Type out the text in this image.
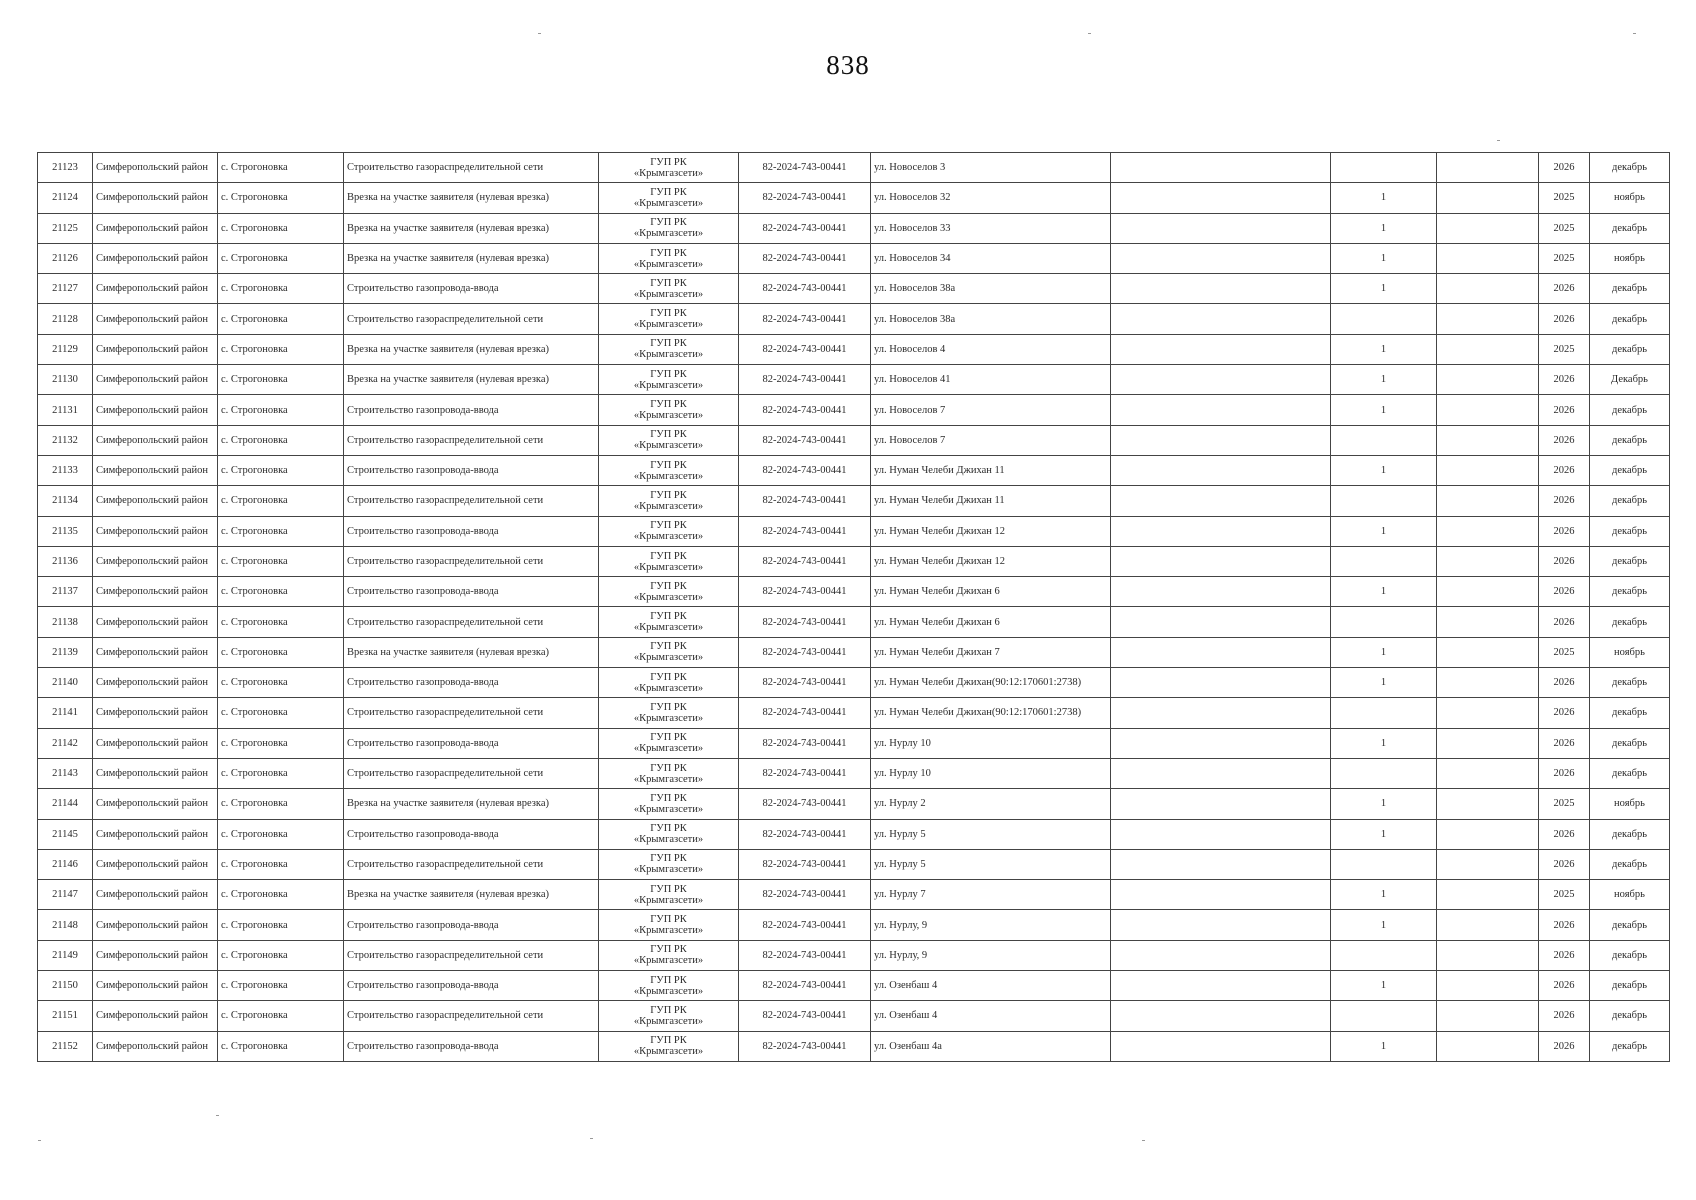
838
21123	Симферопольский район	с. Строгоновка	Строительство газораспределительной сети	ГУП РК
«Крымгазсети»	82-2024-743-00441	ул. Новоселов 3				2026	декабрь
21124	Симферопольский район	с. Строгоновка	Врезка на участке заявителя (нулевая врезка)	ГУП РК
«Крымгазсети»	82-2024-743-00441	ул. Новоселов 32		1		2025	ноябрь
21125	Симферопольский район	с. Строгоновка	Врезка на участке заявителя (нулевая врезка)	ГУП РК
«Крымгазсети»	82-2024-743-00441	ул. Новоселов 33		1		2025	декабрь
21126	Симферопольский район	с. Строгоновка	Врезка на участке заявителя (нулевая врезка)	ГУП РК
«Крымгазсети»	82-2024-743-00441	ул. Новоселов 34		1		2025	ноябрь
21127	Симферопольский район	с. Строгоновка	Строительство газопровода-ввода	ГУП РК
«Крымгазсети»	82-2024-743-00441	ул. Новоселов 38а		1		2026	декабрь
21128	Симферопольский район	с. Строгоновка	Строительство газораспределительной сети	ГУП РК
«Крымгазсети»	82-2024-743-00441	ул. Новоселов 38а				2026	декабрь
21129	Симферопольский район	с. Строгоновка	Врезка на участке заявителя (нулевая врезка)	ГУП РК
«Крымгазсети»	82-2024-743-00441	ул. Новоселов 4		1		2025	декабрь
21130	Симферопольский район	с. Строгоновка	Врезка на участке заявителя (нулевая врезка)	ГУП РК
«Крымгазсети»	82-2024-743-00441	ул. Новоселов 41		1		2026	Декабрь
21131	Симферопольский район	с. Строгоновка	Строительство газопровода-ввода	ГУП РК
«Крымгазсети»	82-2024-743-00441	ул. Новоселов 7		1		2026	декабрь
21132	Симферопольский район	с. Строгоновка	Строительство газораспределительной сети	ГУП РК
«Крымгазсети»	82-2024-743-00441	ул. Новоселов 7				2026	декабрь
21133	Симферопольский район	с. Строгоновка	Строительство газопровода-ввода	ГУП РК
«Крымгазсети»	82-2024-743-00441	ул. Нуман Челеби Джихан 11		1		2026	декабрь
21134	Симферопольский район	с. Строгоновка	Строительство газораспределительной сети	ГУП РК
«Крымгазсети»	82-2024-743-00441	ул. Нуман Челеби Джихан 11				2026	декабрь
21135	Симферопольский район	с. Строгоновка	Строительство газопровода-ввода	ГУП РК
«Крымгазсети»	82-2024-743-00441	ул. Нуман Челеби Джихан 12		1		2026	декабрь
21136	Симферопольский район	с. Строгоновка	Строительство газораспределительной сети	ГУП РК
«Крымгазсети»	82-2024-743-00441	ул. Нуман Челеби Джихан 12				2026	декабрь
21137	Симферопольский район	с. Строгоновка	Строительство газопровода-ввода	ГУП РК
«Крымгазсети»	82-2024-743-00441	ул. Нуман Челеби Джихан 6		1		2026	декабрь
21138	Симферопольский район	с. Строгоновка	Строительство газораспределительной сети	ГУП РК
«Крымгазсети»	82-2024-743-00441	ул. Нуман Челеби Джихан 6				2026	декабрь
21139	Симферопольский район	с. Строгоновка	Врезка на участке заявителя (нулевая врезка)	ГУП РК
«Крымгазсети»	82-2024-743-00441	ул. Нуман Челеби Джихан 7		1		2025	ноябрь
21140	Симферопольский район	с. Строгоновка	Строительство газопровода-ввода	ГУП РК
«Крымгазсети»	82-2024-743-00441	ул. Нуман Челеби Джихан(90:12:170601:2738)		1		2026	декабрь
21141	Симферопольский район	с. Строгоновка	Строительство газораспределительной сети	ГУП РК
«Крымгазсети»	82-2024-743-00441	ул. Нуман Челеби Джихан(90:12:170601:2738)				2026	декабрь
21142	Симферопольский район	с. Строгоновка	Строительство газопровода-ввода	ГУП РК
«Крымгазсети»	82-2024-743-00441	ул. Нурлу 10		1		2026	декабрь
21143	Симферопольский район	с. Строгоновка	Строительство газораспределительной сети	ГУП РК
«Крымгазсети»	82-2024-743-00441	ул. Нурлу 10				2026	декабрь
21144	Симферопольский район	с. Строгоновка	Врезка на участке заявителя (нулевая врезка)	ГУП РК
«Крымгазсети»	82-2024-743-00441	ул. Нурлу 2		1		2025	ноябрь
21145	Симферопольский район	с. Строгоновка	Строительство газопровода-ввода	ГУП РК
«Крымгазсети»	82-2024-743-00441	ул. Нурлу 5		1		2026	декабрь
21146	Симферопольский район	с. Строгоновка	Строительство газораспределительной сети	ГУП РК
«Крымгазсети»	82-2024-743-00441	ул. Нурлу 5				2026	декабрь
21147	Симферопольский район	с. Строгоновка	Врезка на участке заявителя (нулевая врезка)	ГУП РК
«Крымгазсети»	82-2024-743-00441	ул. Нурлу 7		1		2025	ноябрь
21148	Симферопольский район	с. Строгоновка	Строительство газопровода-ввода	ГУП РК
«Крымгазсети»	82-2024-743-00441	ул. Нурлу, 9		1		2026	декабрь
21149	Симферопольский район	с. Строгоновка	Строительство газораспределительной сети	ГУП РК
«Крымгазсети»	82-2024-743-00441	ул. Нурлу, 9				2026	декабрь
21150	Симферопольский район	с. Строгоновка	Строительство газопровода-ввода	ГУП РК
«Крымгазсети»	82-2024-743-00441	ул. Озенбаш 4		1		2026	декабрь
21151	Симферопольский район	с. Строгоновка	Строительство газораспределительной сети	ГУП РК
«Крымгазсети»	82-2024-743-00441	ул. Озенбаш 4				2026	декабрь
21152	Симферопольский район	с. Строгоновка	Строительство газопровода-ввода	ГУП РК
«Крымгазсети»	82-2024-743-00441	ул. Озенбаш 4а		1		2026	декабрь
